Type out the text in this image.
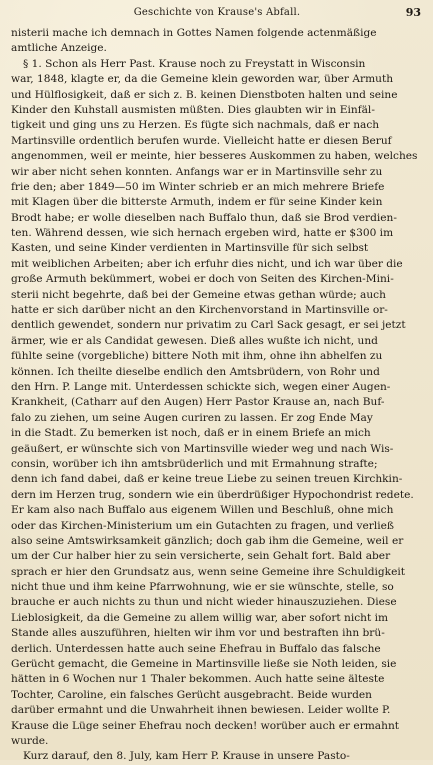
Geschichte von Krause's Abfall.	93
nisterii mache ich demnach in Gottes Namen folgende actenmäßige
amtliche Anzeige.
§ 1. Schon als Herr Past. Krause noch zu Freystatt in Wisconsin
war, 1848, klagte er, da die Gemeine klein geworden war, über Armuth
und Hülflosigkeit, daß er sich z. B. keinen Dienstboten halten und seine
Kinder den Kuhstall ausmisten müßten. Dies glaubten wir in Einfäl-
tigkeit und ging uns zu Herzen. Es fügte sich nachmals, daß er nach
Martinsville ordentlich berufen wurde. Vielleicht hatte er diesen Beruf
angenommen, weil er meinte, hier besseres Auskommen zu haben, welches
wir aber nicht sehen konnten. Anfangs war er in Martinsville sehr zu
frie den; aber 1849—50 im Winter schrieb er an mich mehrere Briefe
mit Klagen über die bitterste Armuth, indem er für seine Kinder kein
Brodt habe; er wolle dieselben nach Buffalo thun, daß sie Brod verdien-
ten. Während dessen, wie sich hernach ergeben wird, hatte er $300 im
Kasten, und seine Kinder verdienten in Martinsville für sich selbst
mit weiblichen Arbeiten; aber ich erfuhr dies nicht, und ich war über die
große Armuth bekümmert, wobei er doch von Seiten des Kirchen-Mini-
sterii nicht begehrte, daß bei der Gemeine etwas gethan würde; auch
hatte er sich darüber nicht an den Kirchenvorstand in Martinsville or-
dentlich gewendet, sondern nur privatim zu Carl Sack gesagt, er sei jetzt
ärmer, wie er als Candidat gewesen. Dieß alles wußte ich nicht, und
fühlte seine (vorgebliche) bittere Noth mit ihm, ohne ihn abhelfen zu
können. Ich theilte dieselbe endlich den Amtsbrüdern, von Rohr und
den Hrn. P. Lange mit. Unterdessen schickte sich, wegen einer Augen-
Krankheit, (Catharr auf den Augen) Herr Pastor Krause an, nach Buf-
falo zu ziehen, um seine Augen curiren zu lassen. Er zog Ende May
in die Stadt. Zu bemerken ist noch, daß er in einem Briefe an mich
geäußert, er wünschte sich von Martinsville wieder weg und nach Wis-
consin, worüber ich ihn amtsbrüderlich und mit Ermahnung strafte;
denn ich fand dabei, daß er keine treue Liebe zu seinen treuen Kirchkin-
dern im Herzen trug, sondern wie ein überdrüßiger Hypochondrist redete.
Er kam also nach Buffalo aus eigenem Willen und Beschluß, ohne mich
oder das Kirchen-Ministerium um ein Gutachten zu fragen, und verließ
also seine Amtswirksamkeit gänzlich; doch gab ihm die Gemeine, weil er
um der Cur halber hier zu sein versicherte, sein Gehalt fort. Bald aber
sprach er hier den Grundsatz aus, wenn seine Gemeine ihre Schuldigkeit
nicht thue und ihm keine Pfarrwohnung, wie er sie wünschte, stelle, so
brauche er auch nichts zu thun und nicht wieder hinauszuziehen. Diese
Lieblosigkeit, da die Gemeine zu allem willig war, aber sofort nicht im
Stande alles auszuführen, hielten wir ihm vor und bestraften ihn brü-
derlich. Unterdessen hatte auch seine Ehefrau in Buffalo das falsche
Gerücht gemacht, die Gemeine in Martinsville ließe sie Noth leiden, sie
hätten in 6 Wochen nur 1 Thaler bekommen. Auch hatte seine älteste
Tochter, Caroline, ein falsches Gerücht ausgebracht. Beide wurden
darüber ermahnt und die Unwahrheit ihnen bewiesen. Leider wollte P.
Krause die Lüge seiner Ehefrau noch decken! worüber auch er ermahnt
wurde.
Kurz darauf, den 8. July, kam Herr P. Krause in unsere Pasto-
